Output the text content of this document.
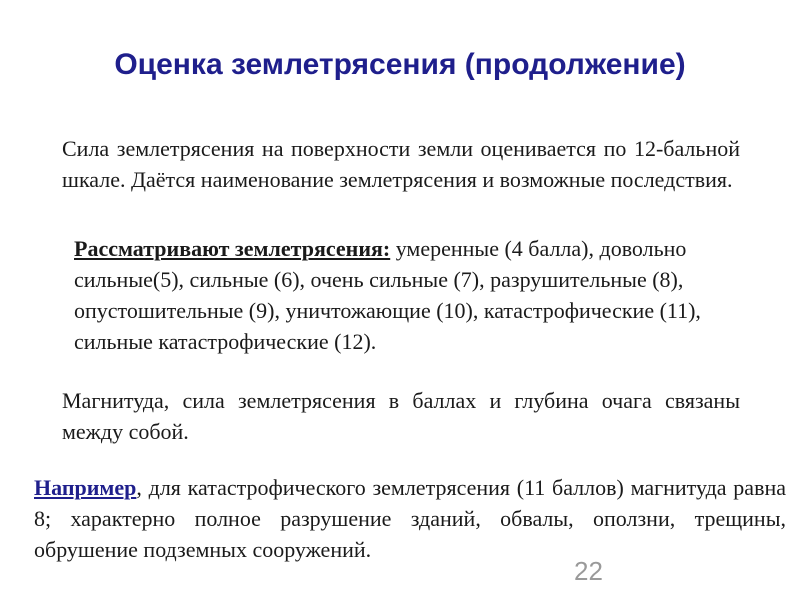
Оценка землетрясения (продолжение)

Сила землетрясения на поверхности земли оценивается по 12-бальной шкале. Даётся наименование землетрясения и возможные последствия.

Рассматривают землетрясения: умеренные (4 балла), довольно сильные(5), сильные (6), очень сильные (7), разрушительные (8), опустошительные (9), уничтожающие (10), катастрофические (11), сильные катастрофические (12).

Магнитуда, сила землетрясения в баллах и глубина очага связаны между собой.

22

Например, для катастрофического землетрясения (11 баллов) магнитуда равна 8; характерно полное разрушение зданий, обвалы, оползни, трещины, обрушение подземных сооружений.
